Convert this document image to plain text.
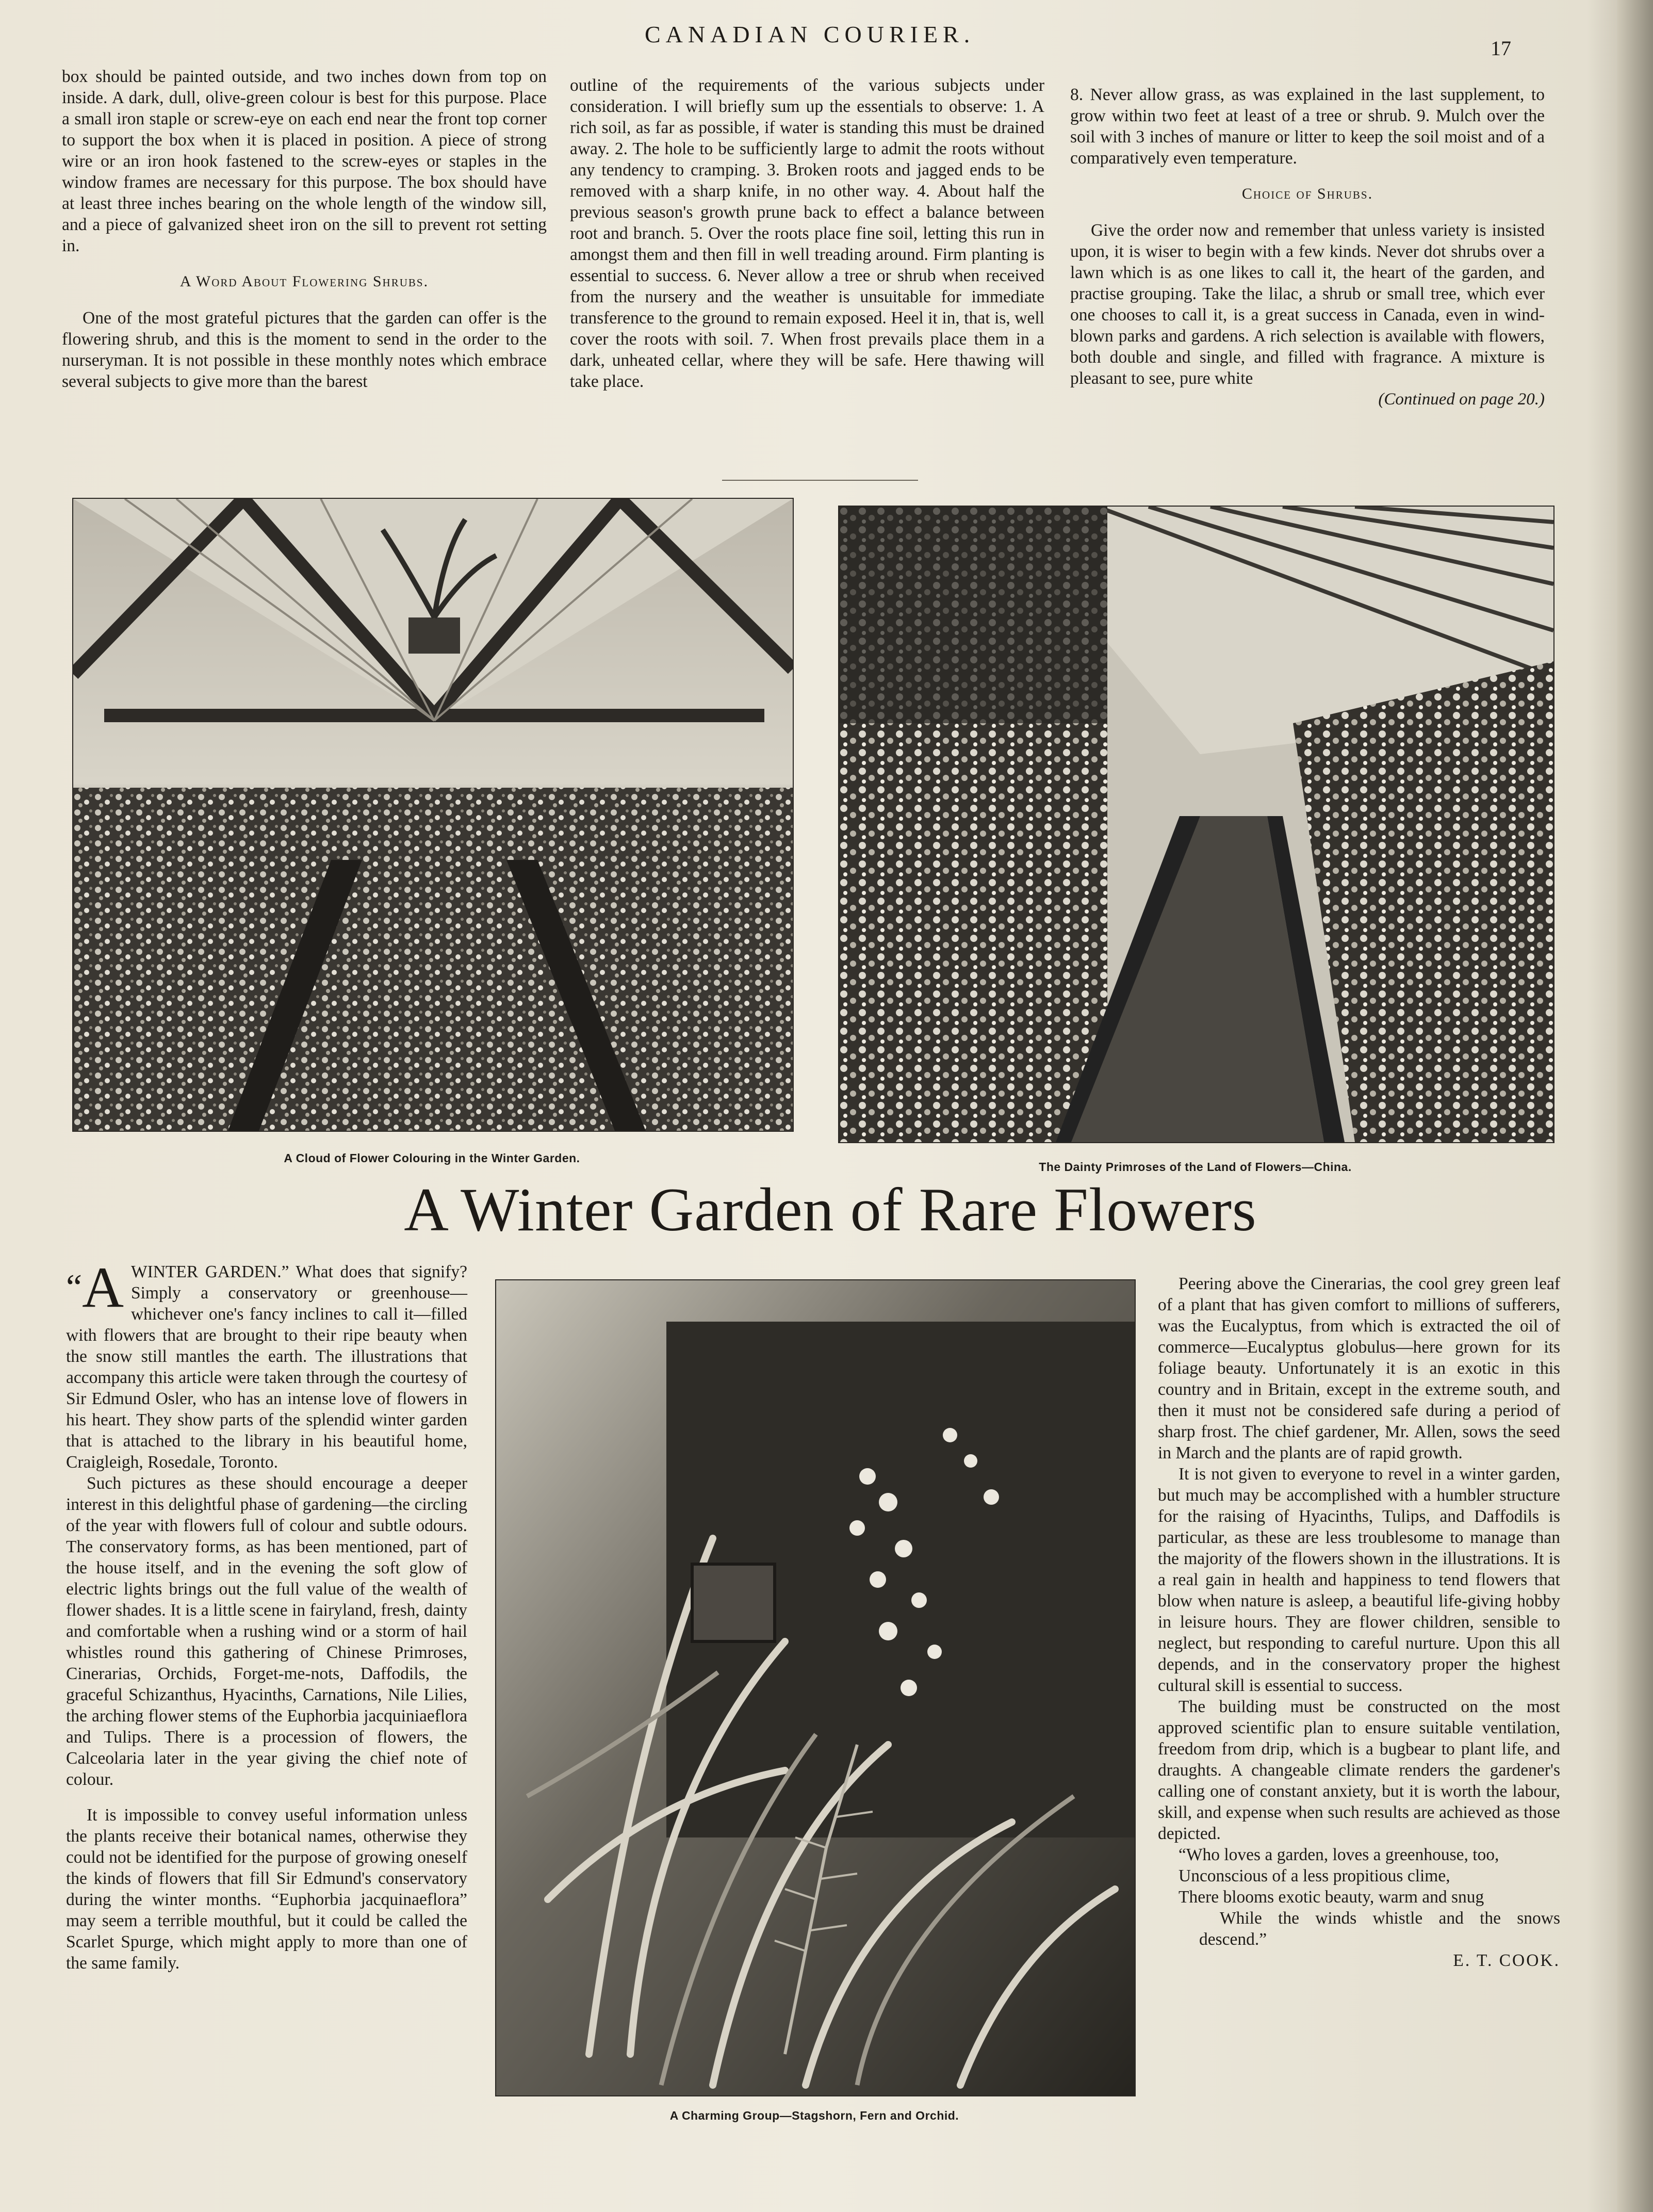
CANADIAN COURIER.
17

box should be painted outside, and two inches down from top on inside. A dark, dull, olive-green colour is best for this purpose. Place a small iron staple or screw-eye on each end near the front top corner to support the box when it is placed in position. A piece of strong wire or an iron hook fastened to the screw-eyes or staples in the window frames are necessary for this purpose. The box should have at least three inches bearing on the whole length of the window sill, and a piece of galvanized sheet iron on the sill to prevent rot setting in.

A Word About Flowering Shrubs.

One of the most grateful pictures that the garden can offer is the flowering shrub, and this is the moment to send in the order to the nurseryman. It is not possible in these monthly notes which embrace several subjects to give more than the barest

outline of the requirements of the various subjects under consideration. I will briefly sum up the essentials to observe: 1. A rich soil, as far as possible, if water is standing this must be drained away. 2. The hole to be sufficiently large to admit the roots without any tendency to cramping. 3. Broken roots and jagged ends to be removed with a sharp knife, in no other way. 4. About half the previous season's growth prune back to effect a balance between root and branch. 5. Over the roots place fine soil, letting this run in amongst them and then fill in well treading around. Firm planting is essential to success. 6. Never allow a tree or shrub when received from the nursery and the weather is unsuitable for immediate transference to the ground to remain exposed. Heel it in, that is, well cover the roots with soil. 7. When frost prevails place them in a dark, unheated cellar, where they will be safe. Here thawing will take place.

8. Never allow grass, as was explained in the last supplement, to grow within two feet at least of a tree or shrub. 9. Mulch over the soil with 3 inches of manure or litter to keep the soil moist and of a comparatively even temperature.

Choice of Shrubs.

Give the order now and remember that unless variety is insisted upon, it is wiser to begin with a few kinds. Never dot shrubs over a lawn which is as one likes to call it, the heart of the garden, and practise grouping. Take the lilac, a shrub or small tree, which ever one chooses to call it, is a great success in Canada, even in wind-blown parks and gardens. A rich selection is available with flowers, both double and single, and filled with fragrance. A mixture is pleasant to see, pure white

(Continued on page 20.)

A Cloud of Flower Colouring in the Winter Garden.
The Dainty Primroses of the Land of Flowers—China.
A Winter Garden of Rare Flowers

“A WINTER GARDEN.” What does that signify? Simply a conservatory or greenhouse—whichever one's fancy inclines to call it—filled with flowers that are brought to their ripe beauty when the snow still mantles the earth. The illustrations that accompany this article were taken through the courtesy of Sir Edmund Osler, who has an intense love of flowers in his heart. They show parts of the splendid winter garden that is attached to the library in his beautiful home, Craigleigh, Rosedale, Toronto.

Such pictures as these should encourage a deeper interest in this delightful phase of gardening—the circling of the year with flowers full of colour and subtle odours. The conservatory forms, as has been mentioned, part of the house itself, and in the evening the soft glow of electric lights brings out the full value of the wealth of flower shades. It is a little scene in fairyland, fresh, dainty and comfortable when a rushing wind or a storm of hail whistles round this gathering of Chinese Primroses, Cinerarias, Orchids, Forget-me-nots, Daffodils, the graceful Schizanthus, Hyacinths, Carnations, Nile Lilies, the arching flower stems of the Euphorbia jacquiniaeflora and Tulips. There is a procession of flowers, the Calceolaria later in the year giving the chief note of colour.

It is impossible to convey useful information unless the plants receive their botanical names, otherwise they could not be identified for the purpose of growing oneself the kinds of flowers that fill Sir Edmund's conservatory during the winter months. “Euphorbia jacquinaeflora” may seem a terrible mouthful, but it could be called the Scarlet Spurge, which might apply to more than one of the same family.

A Charming Group—Stagshorn, Fern and Orchid.

Peering above the Cinerarias, the cool grey green leaf of a plant that has given comfort to millions of sufferers, was the Eucalyptus, from which is extracted the oil of commerce—Eucalyptus globulus—here grown for its foliage beauty. Unfortunately it is an exotic in this country and in Britain, except in the extreme south, and then it must not be considered safe during a period of sharp frost. The chief gardener, Mr. Allen, sows the seed in March and the plants are of rapid growth.

It is not given to everyone to revel in a winter garden, but much may be accomplished with a humbler structure for the raising of Hyacinths, Tulips, and Daffodils is particular, as these are less troublesome to manage than the majority of the flowers shown in the illustrations. It is a real gain in health and happiness to tend flowers that blow when nature is asleep, a beautiful life-giving hobby in leisure hours. They are flower children, sensible to neglect, but responding to careful nurture. Upon this all depends, and in the conservatory proper the highest cultural skill is essential to success.

The building must be constructed on the most approved scientific plan to ensure suitable ventilation, freedom from drip, which is a bugbear to plant life, and draughts. A changeable climate renders the gardener's calling one of constant anxiety, but it is worth the labour, skill, and expense when such results are achieved as those depicted.

“Who loves a garden, loves a greenhouse, too,
Unconscious of a less propitious clime,
There blooms exotic beauty, warm and snug
While the winds whistle and the snows descend.”
E. T. COOK.
